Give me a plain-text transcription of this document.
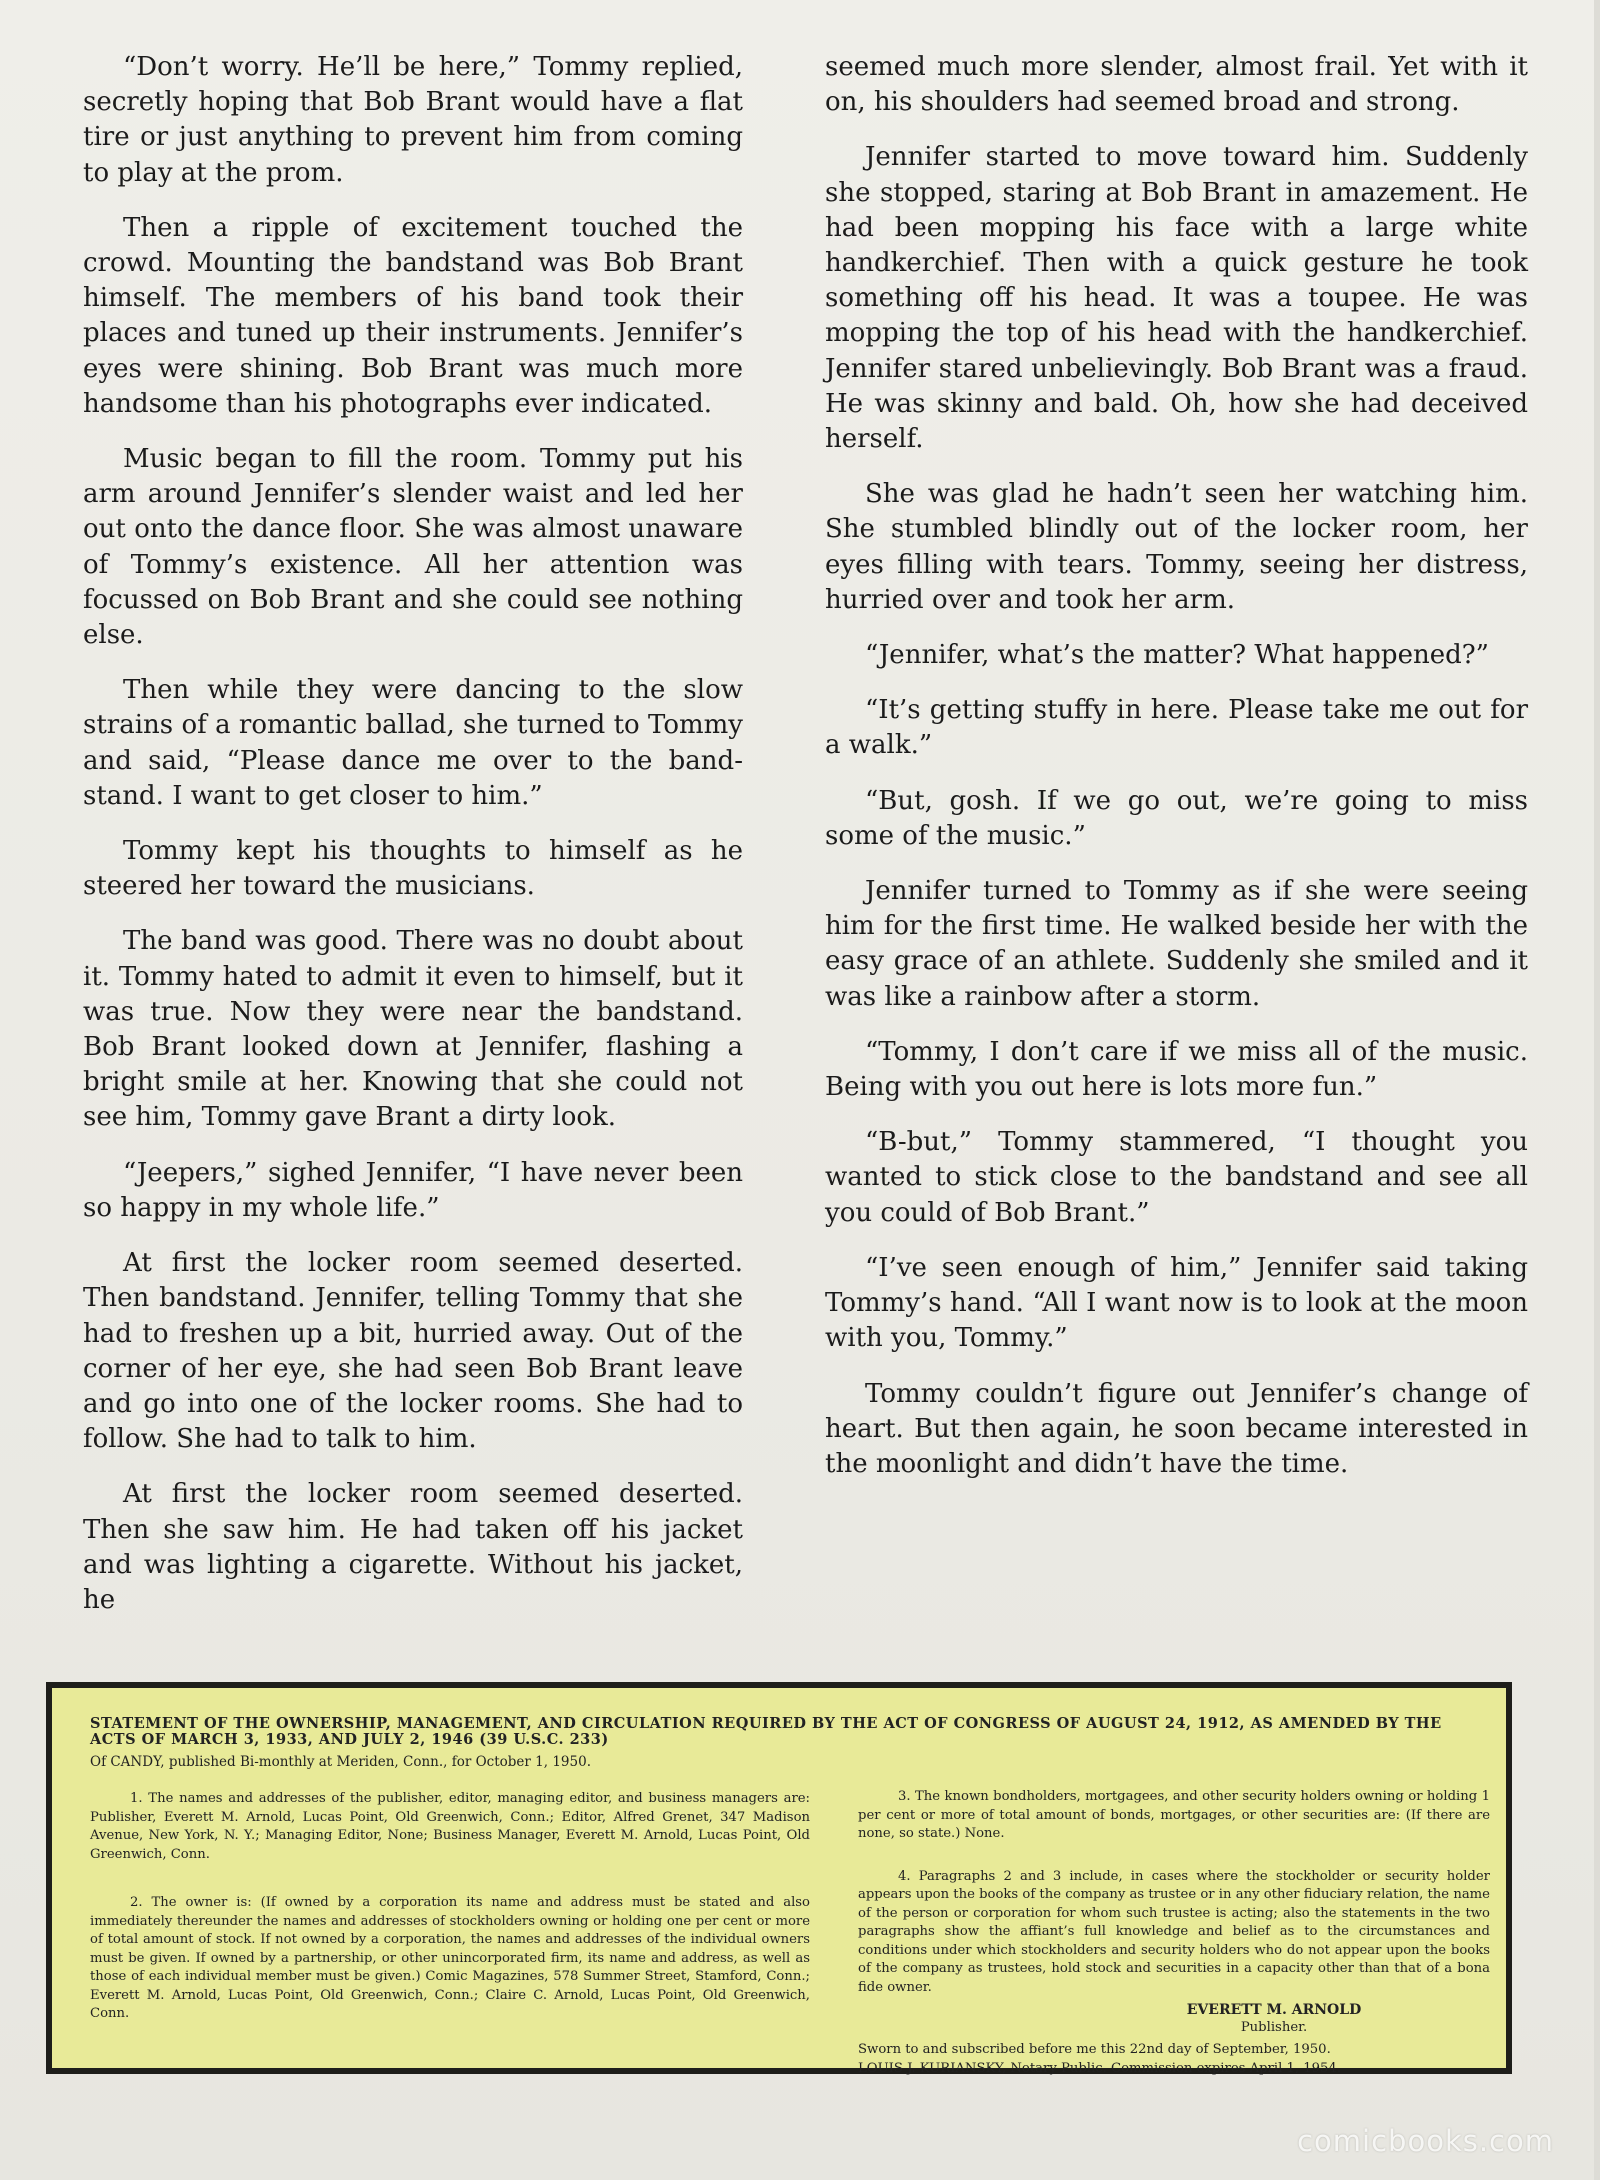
“Don’t worry. He’ll be here,” Tommy replied, secretly hoping that Bob Brant would have a flat tire or just anything to prevent him from coming to play at the prom.

Then a ripple of excitement touched the crowd. Mounting the bandstand was Bob Brant himself. The members of his band took their places and tuned up their instruments. Jennifer’s eyes were shining. Bob Brant was much more handsome than his photographs ever indicated.

Music began to fill the room. Tommy put his arm around Jennifer’s slender waist and led her out onto the dance floor. She was almost unaware of Tommy’s existence. All her attention was focussed on Bob Brant and she could see nothing else.

Then while they were dancing to the slow strains of a romantic ballad, she turned to Tommy and said, “Please dance me over to the bandstand. I want to get closer to him.”

Tommy kept his thoughts to himself as he steered her toward the musicians.

The band was good. There was no doubt about it. Tommy hated to admit it even to himself, but it was true. Now they were near the bandstand. Bob Brant looked down at Jennifer, flashing a bright smile at her. Knowing that she could not see him, Tommy gave Brant a dirty look.

“Jeepers,” sighed Jennifer, “I have never been so happy in my whole life.”

At first the locker room seemed deserted. Then bandstand. Jennifer, telling Tommy that she had to freshen up a bit, hurried away. Out of the corner of her eye, she had seen Bob Brant leave and go into one of the locker rooms. She had to follow. She had to talk to him.

At first the locker room seemed deserted. Then she saw him. He had taken off his jacket and was lighting a cigarette. Without his jacket, he

seemed much more slender, almost frail. Yet with it on, his shoulders had seemed broad and strong.

Jennifer started to move toward him. Suddenly she stopped, staring at Bob Brant in amazement. He had been mopping his face with a large white handkerchief. Then with a quick gesture he took something off his head. It was a toupee. He was mopping the top of his head with the handkerchief. Jennifer stared unbelievingly. Bob Brant was a fraud. He was skinny and bald. Oh, how she had deceived herself.

She was glad he hadn’t seen her watching him. She stumbled blindly out of the locker room, her eyes filling with tears. Tommy, seeing her distress, hurried over and took her arm.

“Jennifer, what’s the matter? What happened?”

“It’s getting stuffy in here. Please take me out for a walk.”

“But, gosh. If we go out, we’re going to miss some of the music.”

Jennifer turned to Tommy as if she were seeing him for the first time. He walked beside her with the easy grace of an athlete. Suddenly she smiled and it was like a rainbow after a storm.

“Tommy, I don’t care if we miss all of the music. Being with you out here is lots more fun.”

“B-but,” Tommy stammered, “I thought you wanted to stick close to the bandstand and see all you could of Bob Brant.”

“I’ve seen enough of him,” Jennifer said taking Tommy’s hand. “All I want now is to look at the moon with you, Tommy.”

Tommy couldn’t figure out Jennifer’s change of heart. But then again, he soon became interested in the moonlight and didn’t have the time.

STATEMENT OF THE OWNERSHIP, MANAGEMENT, AND CIRCULATION REQUIRED BY THE ACT OF CONGRESS OF AUGUST 24, 1912, AS AMENDED BY THE ACTS OF MARCH 3, 1933, AND JULY 2, 1946 (39 U.S.C. 233)
Of CANDY, published Bi-monthly at Meriden, Conn., for October 1, 1950.

1. The names and addresses of the publisher, editor, managing editor, and business managers are: Publisher, Everett M. Arnold, Lucas Point, Old Greenwich, Conn.; Editor, Alfred Grenet, 347 Madison Avenue, New York, N. Y.; Managing Editor, None; Business Manager, Everett M. Arnold, Lucas Point, Old Greenwich, Conn.

2. The owner is: (If owned by a corporation its name and address must be stated and also immediately thereunder the names and addresses of stockholders owning or holding one per cent or more of total amount of stock. If not owned by a corporation, the names and addresses of the individual owners must be given. If owned by a partnership, or other unincorporated firm, its name and address, as well as those of each individual member must be given.) Comic Magazines, 578 Summer Street, Stamford, Conn.; Everett M. Arnold, Lucas Point, Old Greenwich, Conn.; Claire C. Arnold, Lucas Point, Old Greenwich, Conn.

3. The known bondholders, mortgagees, and other security holders owning or holding 1 per cent or more of total amount of bonds, mortgages, or other securities are: (If there are none, so state.) None.

4. Paragraphs 2 and 3 include, in cases where the stockholder or security holder appears upon the books of the company as trustee or in any other fiduciary relation, the name of the person or corporation for whom such trustee is acting; also the statements in the two paragraphs show the affiant’s full knowledge and belief as to the circumstances and conditions under which stockholders and security holders who do not appear upon the books of the company as trustees, hold stock and securities in a capacity other than that of a bona fide owner.

EVERETT M. ARNOLD
Publisher.
Sworn to and subscribed before me this 22nd day of September, 1950.
LOUIS J. KURIANSKY, Notary Public. Commission expires April 1, 1954.
comicbooks.com
